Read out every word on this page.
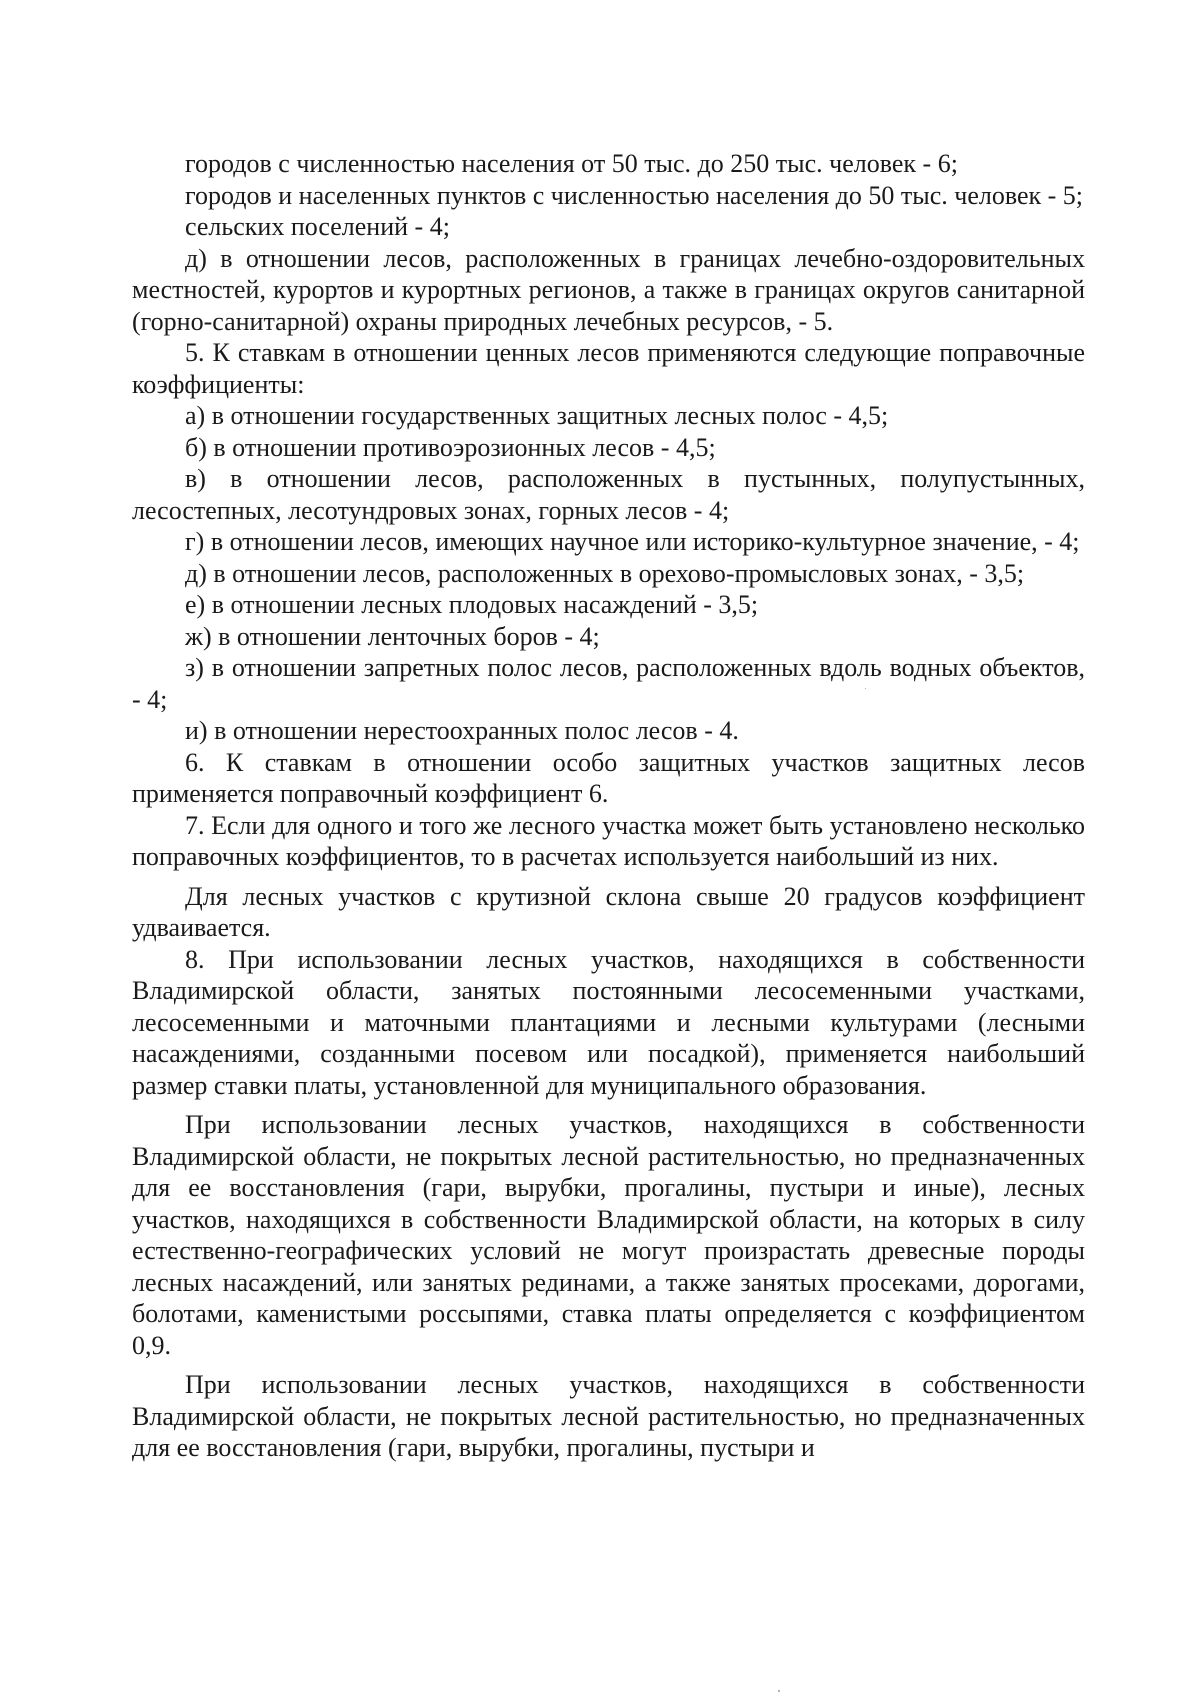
городов с численностью населения от 50 тыс. до 250 тыс. человек - 6;

городов и населенных пунктов с численностью населения до 50 тыс. человек - 5;

сельских поселений - 4;

д) в отношении лесов, расположенных в границах лечебно-оздоровительных местностей, курортов и курортных регионов, а также в границах округов санитарной (горно-санитарной) охраны природных лечебных ресурсов, - 5.

5. К ставкам в отношении ценных лесов применяются следующие поправочные коэффициенты:

а) в отношении государственных защитных лесных полос - 4,5;

б) в отношении противоэрозионных лесов - 4,5;

в) в отношении лесов, расположенных в пустынных, полупустынных, лесостепных, лесотундровых зонах, горных лесов - 4;

г) в отношении лесов, имеющих научное или историко-культурное значение, - 4;

д) в отношении лесов, расположенных в орехово-промысловых зонах, - 3,5;

е) в отношении лесных плодовых насаждений - 3,5;

ж) в отношении ленточных боров - 4;

з) в отношении запретных полос лесов, расположенных вдоль водных объектов, - 4;

и) в отношении нерестоохранных полос лесов - 4.

6. К ставкам в отношении особо защитных участков защитных лесов применяется поправочный коэффициент 6.

7. Если для одного и того же лесного участка может быть установлено несколько поправочных коэффициентов, то в расчетах используется наибольший из них.

Для лесных участков с крутизной склона свыше 20 градусов коэффициент удваивается.

8. При использовании лесных участков, находящихся в собственности Владимирской области, занятых постоянными лесосеменными участками, лесосеменными и маточными плантациями и лесными культурами (лесными насаждениями, созданными посевом или посадкой), применяется наибольший размер ставки платы, установленной для муниципального образования.

При использовании лесных участков, находящихся в собственности Владимирской области, не покрытых лесной растительностью, но предназначенных для ее восстановления (гари, вырубки, прогалины, пустыри и иные), лесных участков, находящихся в собственности Владимирской области, на которых в силу естественно-географических условий не могут произрастать древесные породы лесных насаждений, или занятых рединами, а также занятых просеками, дорогами, болотами, каменистыми россыпями, ставка платы определяется с коэффициентом 0,9.

При использовании лесных участков, находящихся в собственности Владимирской области, не покрытых лесной растительностью, но предназначенных для ее восстановления (гари, вырубки, прогалины, пустыри и
